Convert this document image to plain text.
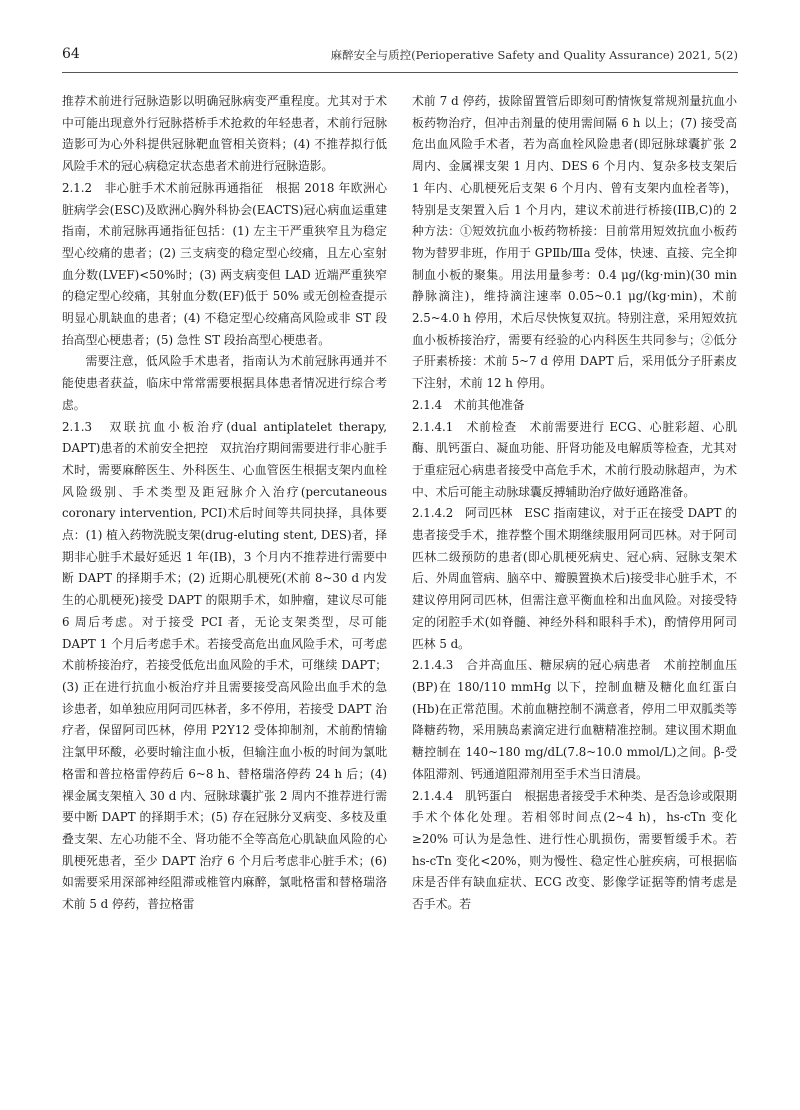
64	麻醉安全与质控(Perioperative Safety and Quality Assurance) 2021, 5(2)

推荐术前进行冠脉造影以明确冠脉病变严重程度。尤其对于术中可能出现意外行冠脉搭桥手术抢救的年轻患者，术前行冠脉造影可为心外科提供冠脉靶血管相关资料；(4) 不推荐拟行低风险手术的冠心病稳定状态患者术前进行冠脉造影。

2.1.2　非心脏手术术前冠脉再通指征　根据 2018 年欧洲心脏病学会(ESC)及欧洲心胸外科协会(EACTS)冠心病血运重建指南，术前冠脉再通指征包括：(1) 左主干严重狭窄且为稳定型心绞痛的患者；(2) 三支病变的稳定型心绞痛，且左心室射血分数(LVEF)<50%时；(3) 两支病变但 LAD 近端严重狭窄的稳定型心绞痛，其射血分数(EF)低于 50% 或无创检查提示明显心肌缺血的患者；(4) 不稳定型心绞痛高风险或非 ST 段抬高型心梗患者；(5) 急性 ST 段抬高型心梗患者。

需要注意，低风险手术患者，指南认为术前冠脉再通并不能使患者获益，临床中常常需要根据具体患者情况进行综合考虑。

2.1.3　双联抗血小板治疗(dual antiplatelet therapy, DAPT)患者的术前安全把控　双抗治疗期间需要进行非心脏手术时，需要麻醉医生、外科医生、心血管医生根据支架内血栓风险级别、手术类型及距冠脉介入治疗(percutaneous coronary intervention, PCI)术后时间等共同抉择，具体要点：(1) 植入药物洗脱支架(drug-eluting stent, DES)者，择期非心脏手术最好延迟 1 年(IB)，3 个月内不推荐进行需要中断 DAPT 的择期手术；(2) 近期心肌梗死(术前 8~30 d 内发生的心肌梗死)接受 DAPT 的限期手术，如肿瘤，建议尽可能 6 周后考虑。对于接受 PCI 者，无论支架类型，尽可能 DAPT 1 个月后考虑手术。若接受高危出血风险手术，可考虑术前桥接治疗，若接受低危出血风险的手术，可继续 DAPT；(3) 正在进行抗血小板治疗并且需要接受高风险出血手术的急诊患者，如单独应用阿司匹林者，多不停用，若接受 DAPT 治疗者，保留阿司匹林，停用 P2Y12 受体抑制剂，术前酌情输注氯甲环酸，必要时输注血小板，但输注血小板的时间为氯吡格雷和普拉格雷停药后 6~8 h、替格瑞洛停药 24 h 后；(4) 裸金属支架植入 30 d 内、冠脉球囊扩张 2 周内不推荐进行需要中断 DAPT 的择期手术；(5) 存在冠脉分叉病变、多枝及重叠支架、左心功能不全、肾功能不全等高危心肌缺血风险的心肌梗死患者，至少 DAPT 治疗 6 个月后考虑非心脏手术；(6) 如需要采用深部神经阻滞或椎管内麻醉，氯吡格雷和替格瑞洛术前 5 d 停药，普拉格雷

术前 7 d 停药，拔除留置管后即刻可酌情恢复常规剂量抗血小板药物治疗，但冲击剂量的使用需间隔 6 h 以上；(7) 接受高危出血风险手术者，若为高血栓风险患者(即冠脉球囊扩张 2 周内、金属裸支架 1 月内、DES 6 个月内、复杂多枝支架后 1 年内、心肌梗死后支架 6 个月内、曾有支架内血栓者等)，特别是支架置入后 1 个月内，建议术前进行桥接(IIB,C)的 2 种方法：①短效抗血小板药物桥接：目前常用短效抗血小板药物为替罗非班，作用于 GPⅡb/Ⅲa 受体，快速、直接、完全抑制血小板的聚集。用法用量参考：0.4 μg/(kg·min)(30 min 静脉滴注)，维持滴注速率 0.05~0.1 μg/(kg·min)，术前 2.5~4.0 h 停用，术后尽快恢复双抗。特别注意，采用短效抗血小板桥接治疗，需要有经验的心内科医生共同参与；②低分子肝素桥接：术前 5~7 d 停用 DAPT 后，采用低分子肝素皮下注射，术前 12 h 停用。

2.1.4　术前其他准备

2.1.4.1　术前检查　术前需要进行 ECG、心脏彩超、心肌酶、肌钙蛋白、凝血功能、肝肾功能及电解质等检查，尤其对于重症冠心病患者接受中高危手术，术前行股动脉超声，为术中、术后可能主动脉球囊反搏辅助治疗做好通路准备。

2.1.4.2　阿司匹林　ESC 指南建议，对于正在接受 DAPT 的患者接受手术，推荐整个围术期继续服用阿司匹林。对于阿司匹林二级预防的患者(即心肌梗死病史、冠心病、冠脉支架术后、外周血管病、脑卒中、瓣膜置换术后)接受非心脏手术，不建议停用阿司匹林，但需注意平衡血栓和出血风险。对接受特定的闭腔手术(如脊髓、神经外科和眼科手术)，酌情停用阿司匹林 5 d。

2.1.4.3　合并高血压、糖尿病的冠心病患者　术前控制血压(BP)在 180/110 mmHg 以下，控制血糖及糖化血红蛋白(Hb)在正常范围。术前血糖控制不满意者，停用二甲双胍类等降糖药物，采用胰岛素滴定进行血糖精准控制。建议围术期血糖控制在 140~180 mg/dL(7.8~10.0 mmol/L)之间。β-受体阻滞剂、钙通道阻滞剂用至手术当日清晨。

2.1.4.4　肌钙蛋白　根据患者接受手术种类、是否急诊或限期手术个体化处理。若相邻时间点(2~4 h)，hs-cTn 变化≥20% 可认为是急性、进行性心肌损伤，需要暂缓手术。若 hs-cTn 变化<20%，则为慢性、稳定性心脏疾病，可根据临床是否伴有缺血症状、ECG 改变、影像学证据等酌情考虑是否手术。若
